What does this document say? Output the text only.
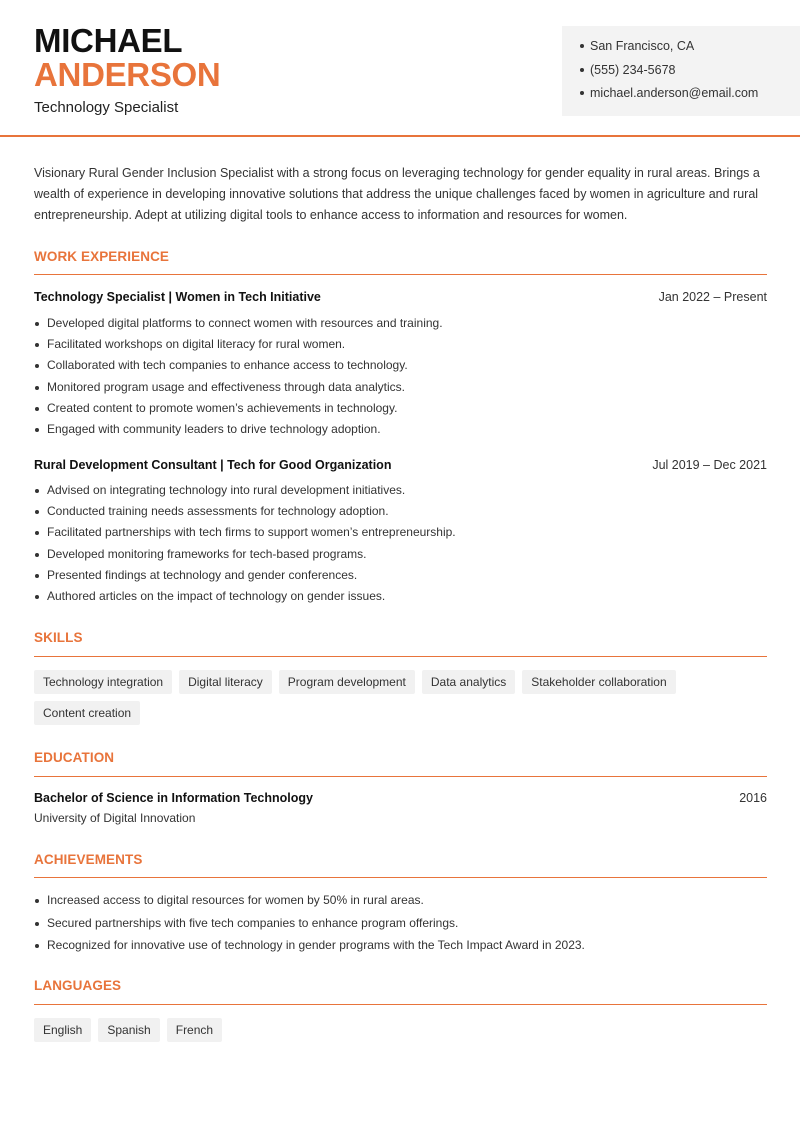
MICHAEL
ANDERSON
Technology Specialist
San Francisco, CA
(555) 234-5678
michael.anderson@email.com
Visionary Rural Gender Inclusion Specialist with a strong focus on leveraging technology for gender equality in rural areas. Brings a wealth of experience in developing innovative solutions that address the unique challenges faced by women in agriculture and rural entrepreneurship. Adept at utilizing digital tools to enhance access to information and resources for women.
WORK EXPERIENCE
Technology Specialist | Women in Tech Initiative	Jan 2022 – Present
Developed digital platforms to connect women with resources and training.
Facilitated workshops on digital literacy for rural women.
Collaborated with tech companies to enhance access to technology.
Monitored program usage and effectiveness through data analytics.
Created content to promote women’s achievements in technology.
Engaged with community leaders to drive technology adoption.
Rural Development Consultant | Tech for Good Organization	Jul 2019 – Dec 2021
Advised on integrating technology into rural development initiatives.
Conducted training needs assessments for technology adoption.
Facilitated partnerships with tech firms to support women’s entrepreneurship.
Developed monitoring frameworks for tech-based programs.
Presented findings at technology and gender conferences.
Authored articles on the impact of technology on gender issues.
SKILLS
Technology integration	Digital literacy	Program development	Data analytics	Stakeholder collaboration
Content creation
EDUCATION
Bachelor of Science in Information Technology	2016
University of Digital Innovation
ACHIEVEMENTS
Increased access to digital resources for women by 50% in rural areas.
Secured partnerships with five tech companies to enhance program offerings.
Recognized for innovative use of technology in gender programs with the Tech Impact Award in 2023.
LANGUAGES
English	Spanish	French
